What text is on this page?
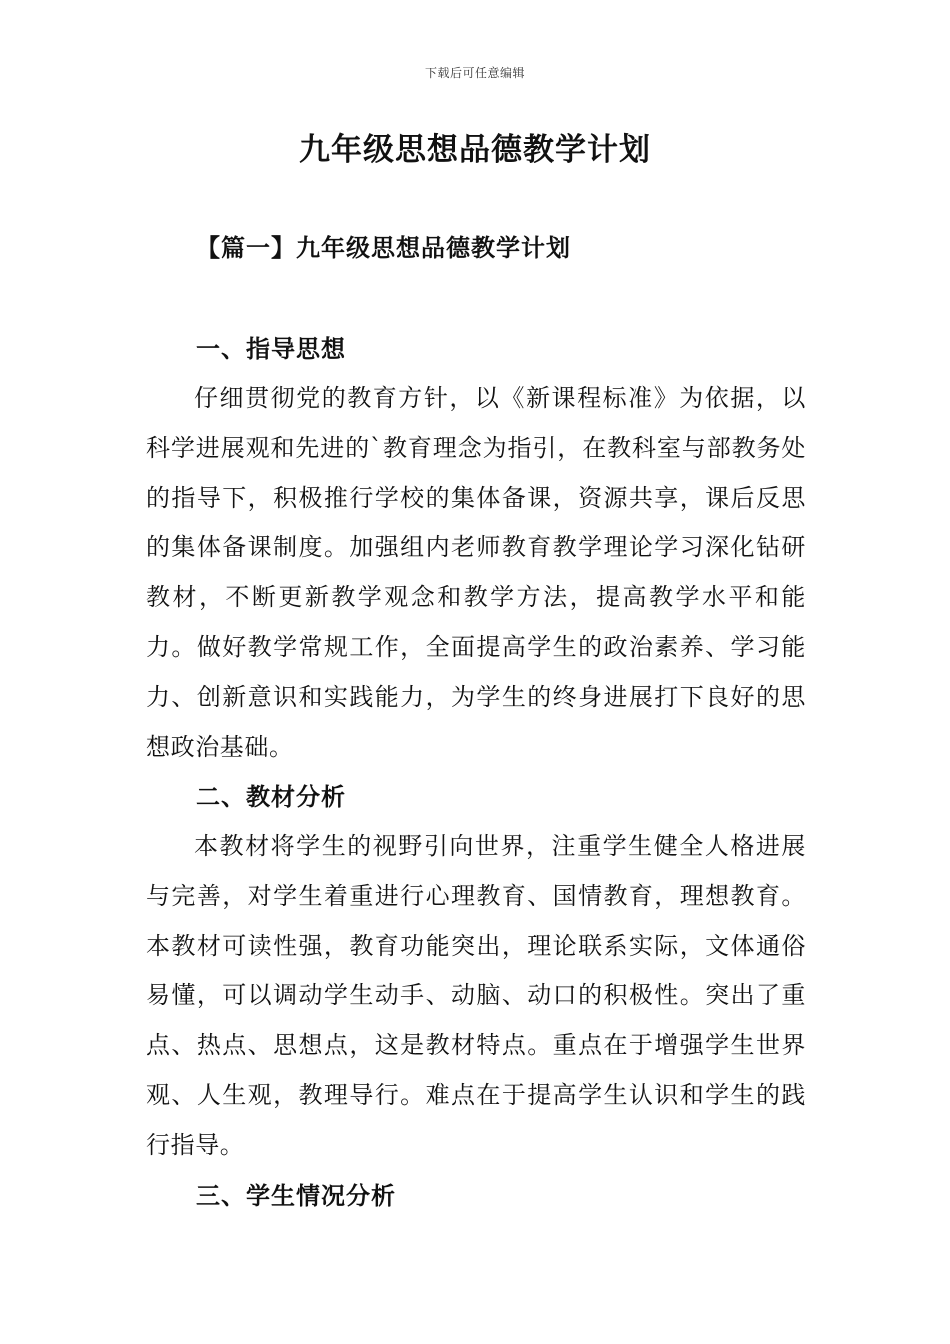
下载后可任意编辑
九年级思想品德教学计划
【篇一】九年级思想品德教学计划
一、指导思想

仔细贯彻党的教育方针，以《新课程标准》为依据，以科学进展观和先进的`教育理念为指引，在教科室与部教务处的指导下，积极推行学校的集体备课，资源共享，课后反思的集体备课制度。加强组内老师教育教学理论学习深化钻研教材，不断更新教学观念和教学方法，提高教学水平和能力。做好教学常规工作，全面提高学生的政治素养、学习能力、创新意识和实践能力，为学生的终身进展打下良好的思想政治基础。

二、教材分析

本教材将学生的视野引向世界，注重学生健全人格进展与完善，对学生着重进行心理教育、国情教育，理想教育。本教材可读性强，教育功能突出，理论联系实际，文体通俗易懂，可以调动学生动手、动脑、动口的积极性。突出了重点、热点、思想点，这是教材特点。重点在于增强学生世界观、人生观，教理导行。难点在于提高学生认识和学生的践行指导。

三、学生情况分析
